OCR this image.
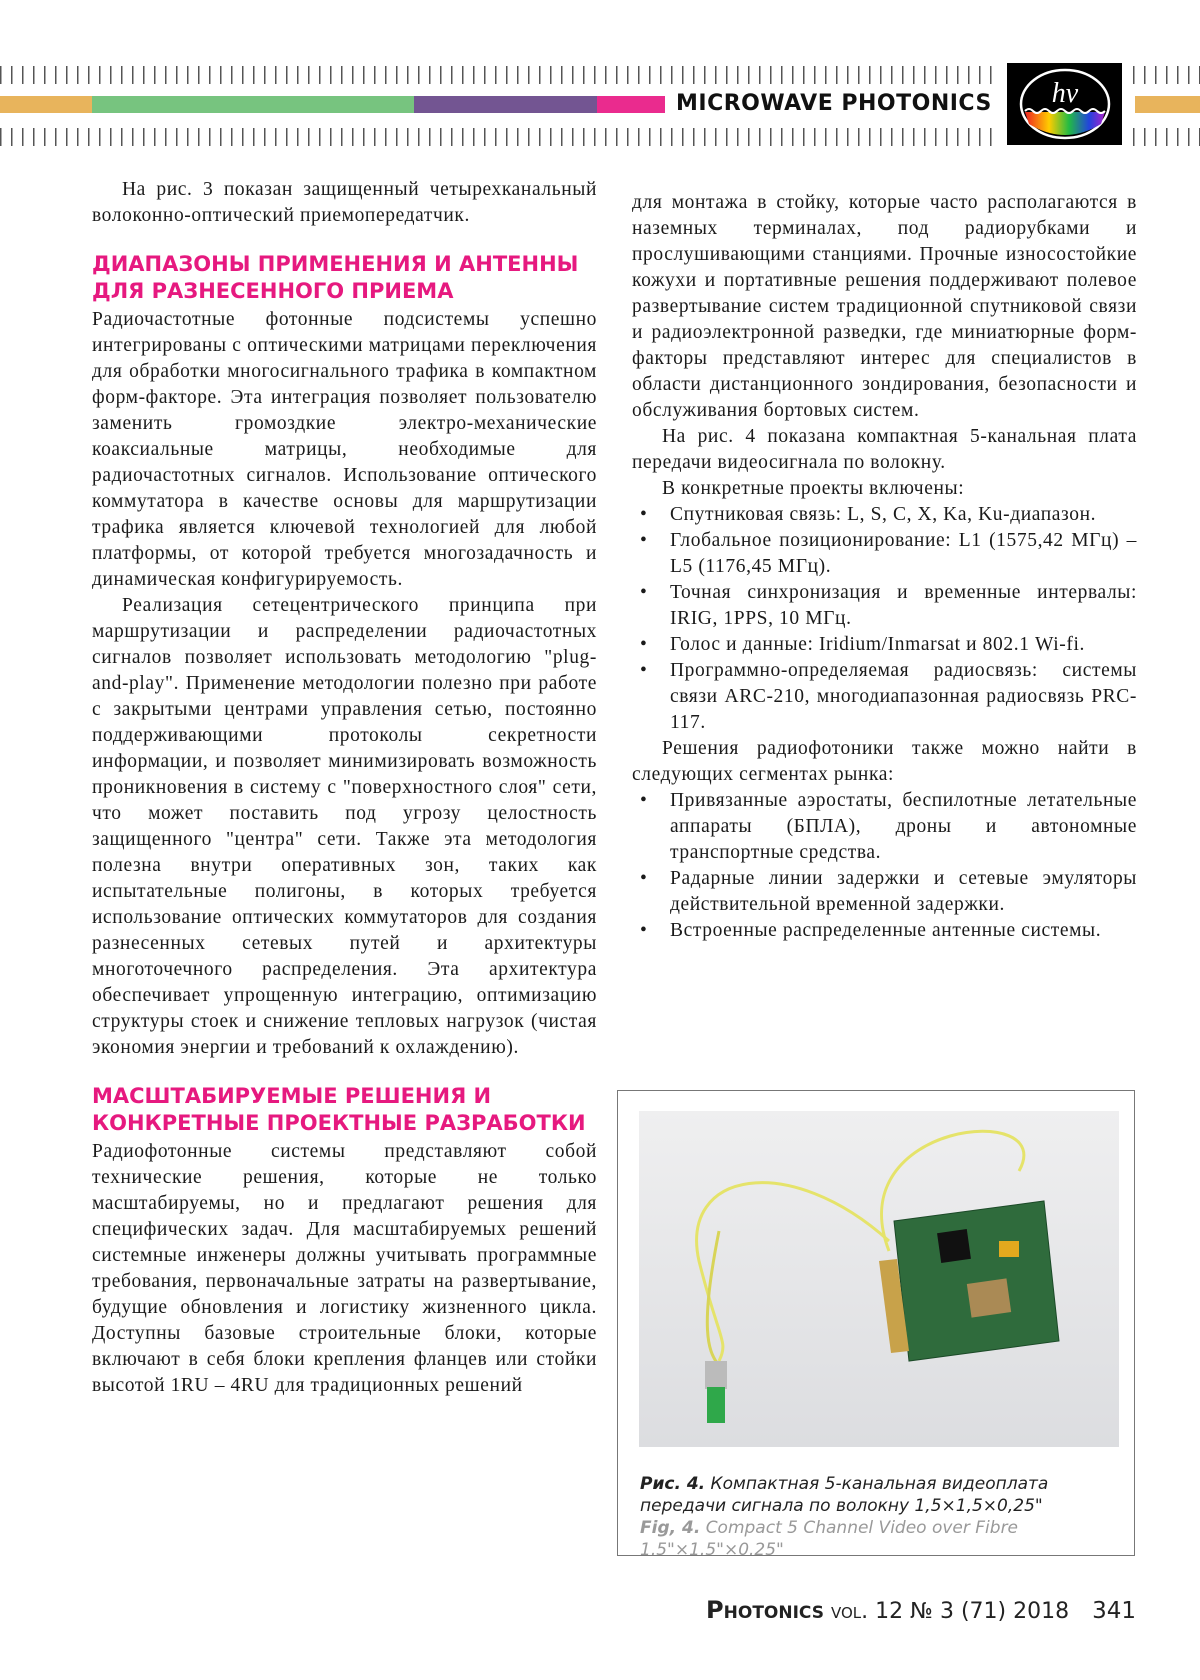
MICROWAVE PHOTONICS hv

На рис. 3 показан защищенный четырехканальный волоконно-оптический приемопередатчик.

ДИАПАЗОНЫ ПРИМЕНЕНИЯ И АНТЕННЫ ДЛЯ РАЗНЕСЕННОГО ПРИЕМА

Радиочастотные фотонные подсистемы успешно интегрированы с оптическими матрицами переключения для обработки многосигнального трафика в компактном форм-факторе. Эта интеграция позволяет пользователю заменить громоздкие электро-механические коаксиальные матрицы, необходимые для радиочастотных сигналов. Использование оптического коммутатора в качестве основы для маршрутизации трафика является ключевой технологией для любой платформы, от которой требуется многозадачность и динамическая конфигурируемость.

Реализация сетецентрического принципа при маршрутизации и распределении радиочастотных сигналов позволяет использовать методологию "plug-and-play". Применение методологии полезно при работе с закрытыми центрами управления сетью, постоянно поддерживающими протоколы секретности информации, и позволяет минимизировать возможность проникновения в систему с "поверхностного слоя" сети, что может поставить под угрозу целостность защищенного "центра" сети. Также эта методология полезна внутри оперативных зон, таких как испытательные полигоны, в которых требуется использование оптических коммутаторов для создания разнесенных сетевых путей и архитектуры многоточечного распределения. Эта архитектура обеспечивает упрощенную интеграцию, оптимизацию структуры стоек и снижение тепловых нагрузок (чистая экономия энергии и требований к охлаждению).

МАСШТАБИРУЕМЫЕ РЕШЕНИЯ И КОНКРЕТНЫЕ ПРОЕКТНЫЕ РАЗРАБОТКИ

Радиофотонные системы представляют собой технические решения, которые не только масштабируемы, но и предлагают решения для специфических задач. Для масштабируемых решений системные инженеры должны учитывать программные требования, первоначальные затраты на развертывание, будущие обновления и логистику жизненного цикла. Доступны базовые строительные блоки, которые включают в себя блоки крепления фланцев или стойки высотой 1RU – 4RU для традиционных решений

для монтажа в стойку, которые часто располагаются в наземных терминалах, под радиорубками и прослушивающими станциями. Прочные износостойкие кожухи и портативные решения поддерживают полевое развертывание систем традиционной спутниковой связи и радиоэлектронной разведки, где миниатюрные форм-факторы представляют интерес для специалистов в области дистанционного зондирования, безопасности и обслуживания бортовых систем.

На рис. 4 показана компактная 5-канальная плата передачи видеосигнала по волокну.

В конкретные проекты включены:

• Спутниковая связь: L, S, C, X, Ka, Ku-диапазон.
• Глобальное позиционирование: L1 (1575,42 МГц) – L5 (1176,45 МГц).
• Точная синхронизация и временные интервалы: IRIG, 1PPS, 10 МГц.
• Голос и данные: Iridium/Inmarsat и 802.1 Wi-fi.
• Программно-определяемая радиосвязь: системы связи ARC-210, многодиапазонная радиосвязь PRC-117.

Решения радиофотоники также можно найти в следующих сегментах рынка:

• Привязанные аэростаты, беспилотные летательные аппараты (БПЛА), дроны и автономные транспортные средства.
• Радарные линии задержки и сетевые эмуляторы действительной временной задержки.
• Встроенные распределенные антенные системы.
Рис. 4. Компактная 5-канальная видеоплата передачи сигнала по волокну 1,5×1,5×0,25"
Fig, 4. Compact 5 Channel Video over Fibre 1.5"×1.5"×0.25"
Photonics vol. 12 № 3 (71) 2018 341
